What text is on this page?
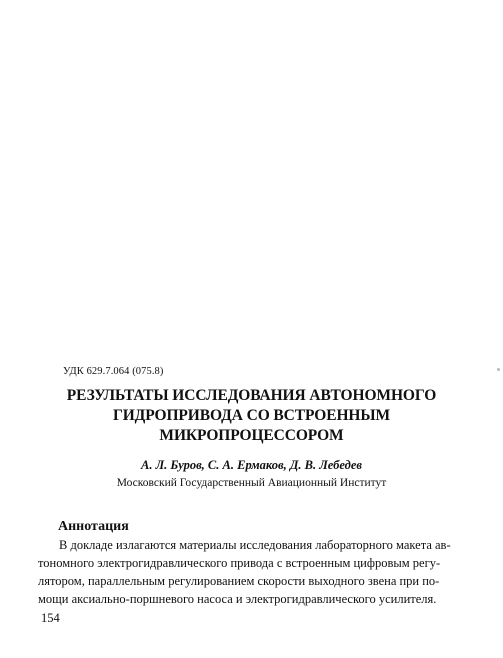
УДК 629.7.064 (075.8)
РЕЗУЛЬТАТЫ ИССЛЕДОВАНИЯ АВТОНОМНОГО
ГИДРОПРИВОДА СО ВСТРОЕННЫМ
МИКРОПРОЦЕССОРОМ
А. Л. Буров, С. А. Ермаков, Д. В. Лебедев
Московский Государственный Авиационный Институт
Аннотация
В докладе излагаются материалы исследования лабораторного макета ав-
тономного электрогидравлического привода с встроенным цифровым регу-
лятором, параллельным регулированием скорости выходного звена при по-
мощи аксиально-поршневого насоса и электрогидравлического усилителя.
154
